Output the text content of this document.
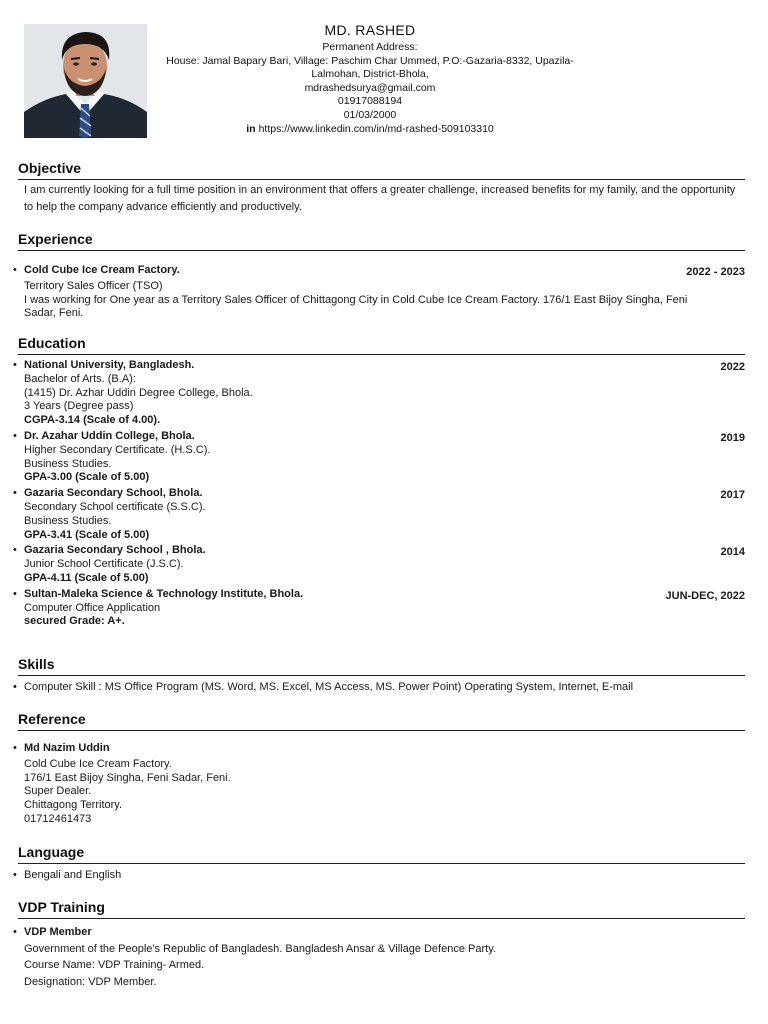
MD. RASHED
Permanent Address:
House: Jamal Bapary Bari, Village: Paschim Char Ummed, P.O:-Gazaria-8332, Upazila-
Lalmohan, District-Bhola,
mdrashedsurya@gmail.com
01917088194
01/03/2000
in https://www.linkedin.com/in/md-rashed-509103310
Objective
I am currently looking for a full time position in an environment that offers a greater challenge, increased benefits for my family, and the opportunity to help the company advance efficiently and productively.
Experience
• Cold Cube Ice Cream Factory.	2022 - 2023
Territory Sales Officer (TSO)
I was working for One year as a Territory Sales Officer of Chittagong City in Cold Cube Ice Cream Factory. 176/1 East Bijoy Singha, Feni Sadar, Feni.
Education
• National University, Bangladesh.	2022
Bachelor of Arts. (B.A):
(1415) Dr. Azhar Uddin Degree College, Bhola.
3 Years (Degree pass)
CGPA-3.14 (Scale of 4.00).
• Dr. Azahar Uddin College, Bhola.	2019
Higher Secondary Certificate. (H.S.C).
Business Studies.
GPA-3.00 (Scale of 5.00)
• Gazaria Secondary School, Bhola.	2017
Secondary School certificate (S.S.C).
Business Studies.
GPA-3.41 (Scale of 5.00)
• Gazaria Secondary School , Bhola.	2014
Junior School Certificate (J.S.C).
GPA-4.11 (Scale of 5.00)
• Sultan-Maleka Science & Technology Institute, Bhola.	JUN-DEC, 2022
Computer Office Application
secured Grade: A+.
Skills
• Computer Skill : MS Office Program (MS. Word, MS. Excel, MS Access, MS. Power Point) Operating System, Internet, E-mail
Reference
• Md Nazim Uddin
Cold Cube Ice Cream Factory.
176/1 East Bijoy Singha, Feni Sadar, Feni.
Super Dealer.
Chittagong Territory.
01712461473
Language
• Bengali and English
VDP Training
• VDP Member
Government of the People's Republic of Bangladesh. Bangladesh Ansar & Village Defence Party.
Course Name: VDP Training- Armed.
Designation: VDP Member.
